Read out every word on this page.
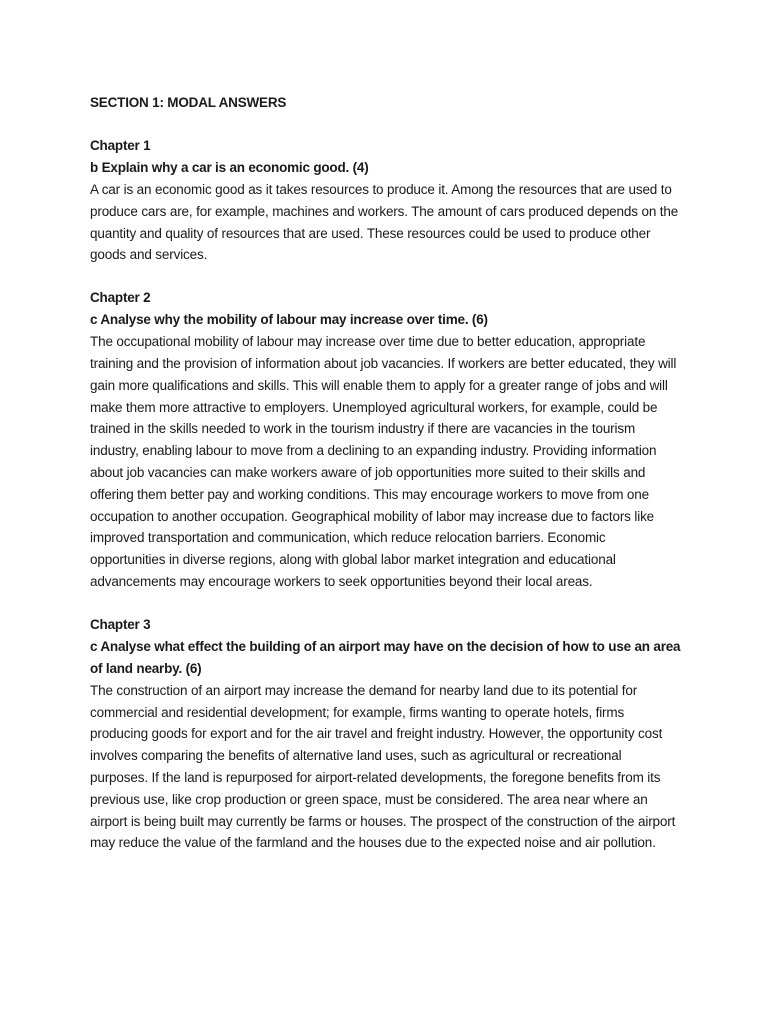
SECTION 1: MODAL ANSWERS
Chapter 1
b Explain why a car is an economic good. (4)

A car is an economic good as it takes resources to produce it. Among the resources that are used to produce cars are, for example, machines and workers. The amount of cars produced depends on the quantity and quality of resources that are used. These resources could be used to produce other goods and services.

Chapter 2
c Analyse why the mobility of labour may increase over time. (6)

The occupational mobility of labour may increase over time due to better education, appropriate training and the provision of information about job vacancies. If workers are better educated, they will gain more qualifications and skills. This will enable them to apply for a greater range of jobs and will make them more attractive to employers. Unemployed agricultural workers, for example, could be trained in the skills needed to work in the tourism industry if there are vacancies in the tourism industry, enabling labour to move from a declining to an expanding industry. Providing information about job vacancies can make workers aware of job opportunities more suited to their skills and offering them better pay and working conditions. This may encourage workers to move from one occupation to another occupation. Geographical mobility of labor may increase due to factors like improved transportation and communication, which reduce relocation barriers. Economic opportunities in diverse regions, along with global labor market integration and educational advancements may encourage workers to seek opportunities beyond their local areas.

Chapter 3
c Analyse what effect the building of an airport may have on the decision of how to use an area of land nearby. (6)

The construction of an airport may increase the demand for nearby land due to its potential for commercial and residential development; for example, firms wanting to operate hotels, firms producing goods for export and for the air travel and freight industry. However, the opportunity cost involves comparing the benefits of alternative land uses, such as agricultural or recreational purposes. If the land is repurposed for airport-related developments, the foregone benefits from its previous use, like crop production or green space, must be considered. The area near where an airport is being built may currently be farms or houses. The prospect of the construction of the airport may reduce the value of the farmland and the houses due to the expected noise and air pollution.
